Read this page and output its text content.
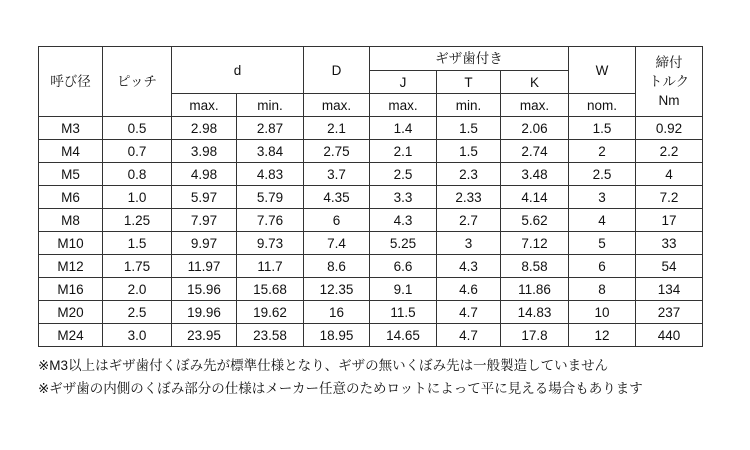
呼び径	ピッチ	d		D	ギザ歯付き			W	締付
トルク
Nm

					J	T	K		
		max.	min.	max.	max.	min.	max.	nom.	
M3	0.5	2.98	2.87	2.1	1.4	1.5	2.06	1.5	0.92
M4	0.7	3.98	3.84	2.75	2.1	1.5	2.74	2	2.2
M5	0.8	4.98	4.83	3.7	2.5	2.3	3.48	2.5	4
M6	1.0	5.97	5.79	4.35	3.3	2.33	4.14	3	7.2
M8	1.25	7.97	7.76	6	4.3	2.7	5.62	4	17
M10	1.5	9.97	9.73	7.4	5.25	3	7.12	5	33
M12	1.75	11.97	11.7	8.6	6.6	4.3	8.58	6	54
M16	2.0	15.96	15.68	12.35	9.1	4.6	11.86	8	134
M20	2.5	19.96	19.62	16	11.5	4.7	14.83	10	237
M24	3.0	23.95	23.58	18.95	14.65	4.7	17.8	12	440
※M3以上はギザ歯付くぼみ先が標準仕様となり、ギザの無いくぼみ先は一般製造していません
※ギザ歯の内側のくぼみ部分の仕様はメーカー任意のためロットによって平に見える場合もあります
